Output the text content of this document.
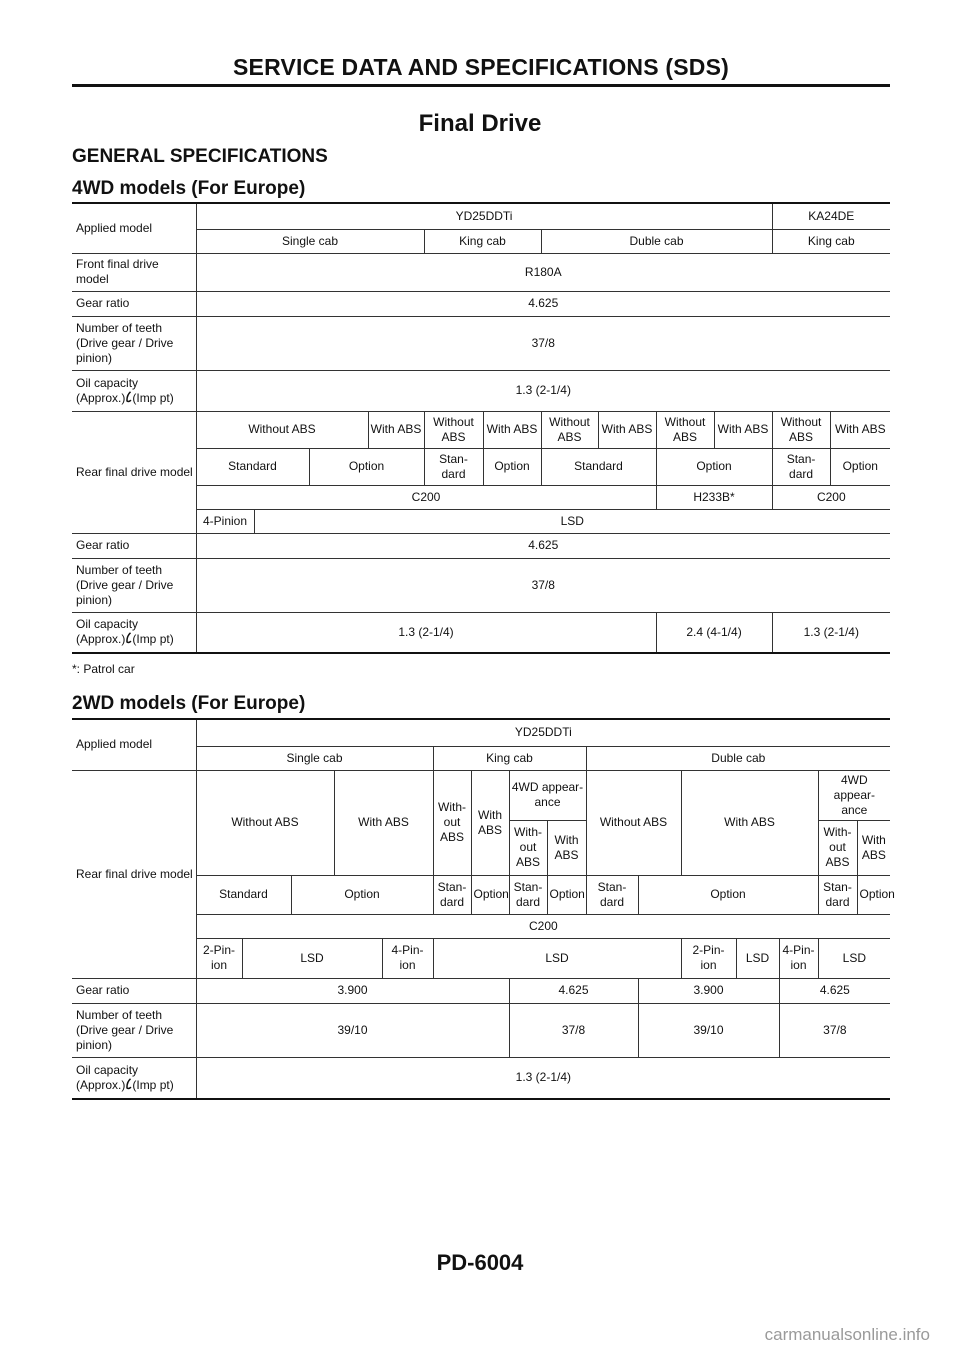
SERVICE DATA AND SPECIFICATIONS (SDS)
Final Drive
GENERAL SPECIFICATIONS
4WD models (For Europe)
Applied model	YD25DDTi										KA24DE	
	Single cab				King cab		Duble cab				King cab	
Front final drive model	R180A											
Gear ratio	4.625											
Number of teeth (Drive gear / Drive pinion)	37/8											
Oil capacity
(Approx.) (Imp pt)	1.3 (2-1/4)											
Rear final drive model	Without ABS			With ABS	Without ABS	With ABS	Without ABS	With ABS	Without ABS	With ABS	Without ABS	With ABS
	Standard		Option		Stan- dard	Option	Standard		Option		Stan- dard	Option
	C200								H233B*		C200	
	4-Pinion	LSD										
Gear ratio	4.625											
Number of teeth (Drive gear / Drive pinion)	37/8											
Oil capacity
(Approx.) (Imp pt)	1.3 (2-1/4)								2.4 (4-1/4)		1.3 (2-1/4)	
*: Patrol car
2WD models (For Europe)
Applied model	YD25DDTi															
	Single cab					King cab				Duble cab						
Rear final drive model	Without ABS			With ABS		With- out ABS	With ABS	4WD appear- ance		Without ABS		With ABS			4WD appear- ance	
								With- out ABS	With ABS						With- out ABS	With ABS
	Standard		Option			Stan- dard	Option	Stan- dard	Option	Stan- dard	Option				Stan- dard	Option
	C200															
	2-Pin- ion	LSD			4-Pin- ion	LSD						2-Pin- ion	LSD	4-Pin- ion	LSD	
Gear ratio	3.900							4.625			3.900			4.625		
Number of teeth (Drive gear / Drive pinion)	39/10							37/8			39/10			37/8		
Oil capacity
(Approx.) (Imp pt)	1.3 (2-1/4)															
PD-6004
carmanualsonline.info
